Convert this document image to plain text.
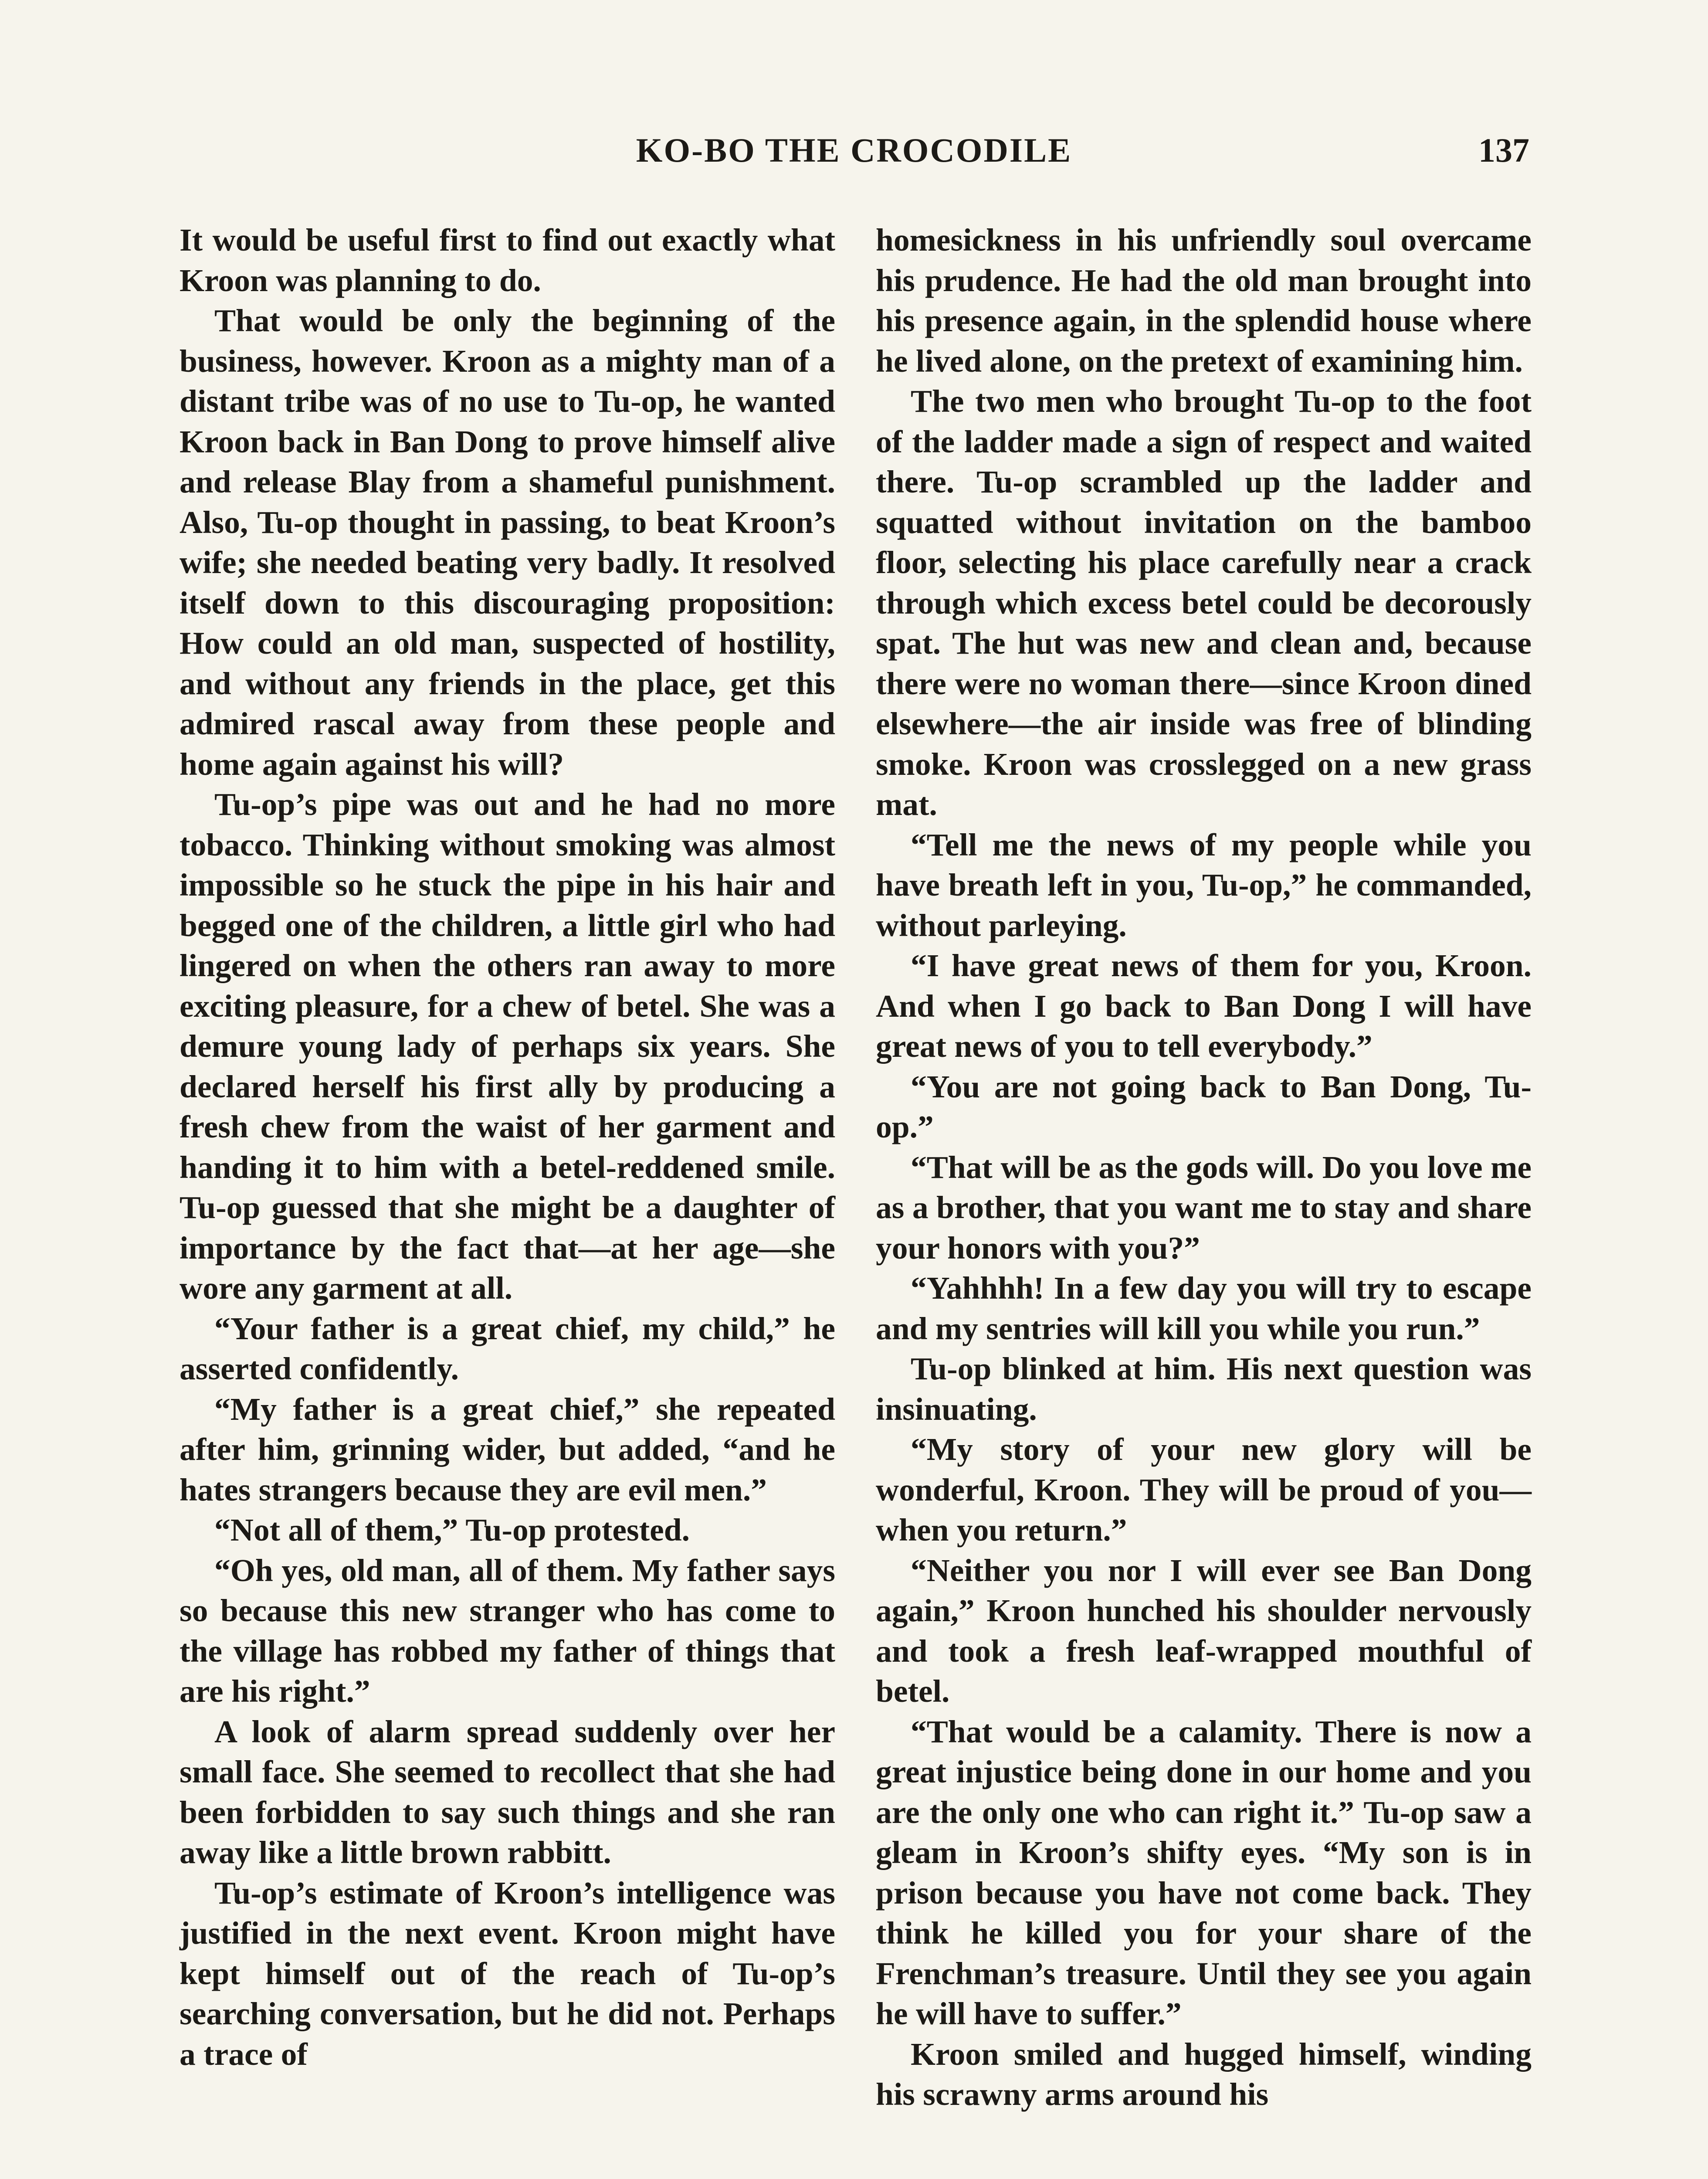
KO-BO THE CROCODILE	137

It would be useful first to find out exactly what Kroon was planning to do.

That would be only the beginning of the business, however. Kroon as a mighty man of a distant tribe was of no use to Tu-op, he wanted Kroon back in Ban Dong to prove himself alive and release Blay from a shameful punishment. Also, Tu-op thought in passing, to beat Kroon’s wife; she needed beating very badly. It resolved itself down to this discouraging proposition: How could an old man, suspected of hostility, and without any friends in the place, get this admired rascal away from these people and home again against his will?

Tu-op’s pipe was out and he had no more tobacco. Thinking without smoking was almost impossible so he stuck the pipe in his hair and begged one of the children, a little girl who had lingered on when the others ran away to more exciting pleasure, for a chew of betel. She was a demure young lady of perhaps six years. She declared herself his first ally by producing a fresh chew from the waist of her garment and handing it to him with a betel-reddened smile. Tu-op guessed that she might be a daughter of importance by the fact that—at her age—she wore any garment at all.

“Your father is a great chief, my child,” he asserted confidently.

“My father is a great chief,” she repeated after him, grinning wider, but added, “and he hates strangers because they are evil men.”

“Not all of them,” Tu-op protested.

“Oh yes, old man, all of them. My father says so because this new stranger who has come to the village has robbed my father of things that are his right.”

A look of alarm spread suddenly over her small face. She seemed to recollect that she had been forbidden to say such things and she ran away like a little brown rabbitt.

Tu-op’s estimate of Kroon’s intelligence was justified in the next event. Kroon might have kept himself out of the reach of Tu-op’s searching conversation, but he did not. Perhaps a trace of

homesickness in his unfriendly soul overcame his prudence. He had the old man brought into his presence again, in the splendid house where he lived alone, on the pretext of examining him.

The two men who brought Tu-op to the foot of the ladder made a sign of respect and waited there. Tu-op scrambled up the ladder and squatted without invitation on the bamboo floor, selecting his place carefully near a crack through which excess betel could be decorously spat. The hut was new and clean and, because there were no woman there—since Kroon dined elsewhere—the air inside was free of blinding smoke. Kroon was crosslegged on a new grass mat.

“Tell me the news of my people while you have breath left in you, Tu-op,” he commanded, without parleying.

“I have great news of them for you, Kroon. And when I go back to Ban Dong I will have great news of you to tell everybody.”

“You are not going back to Ban Dong, Tu-op.”

“That will be as the gods will. Do you love me as a brother, that you want me to stay and share your honors with you?”

“Yahhhh! In a few day you will try to escape and my sentries will kill you while you run.”

Tu-op blinked at him. His next question was insinuating.

“My story of your new glory will be wonderful, Kroon. They will be proud of you—when you return.”

“Neither you nor I will ever see Ban Dong again,” Kroon hunched his shoulder nervously and took a fresh leaf-wrapped mouthful of betel.

“That would be a calamity. There is now a great injustice being done in our home and you are the only one who can right it.” Tu-op saw a gleam in Kroon’s shifty eyes. “My son is in prison because you have not come back. They think he killed you for your share of the Frenchman’s treasure. Until they see you again he will have to suffer.”

Kroon smiled and hugged himself, winding his scrawny arms around his
